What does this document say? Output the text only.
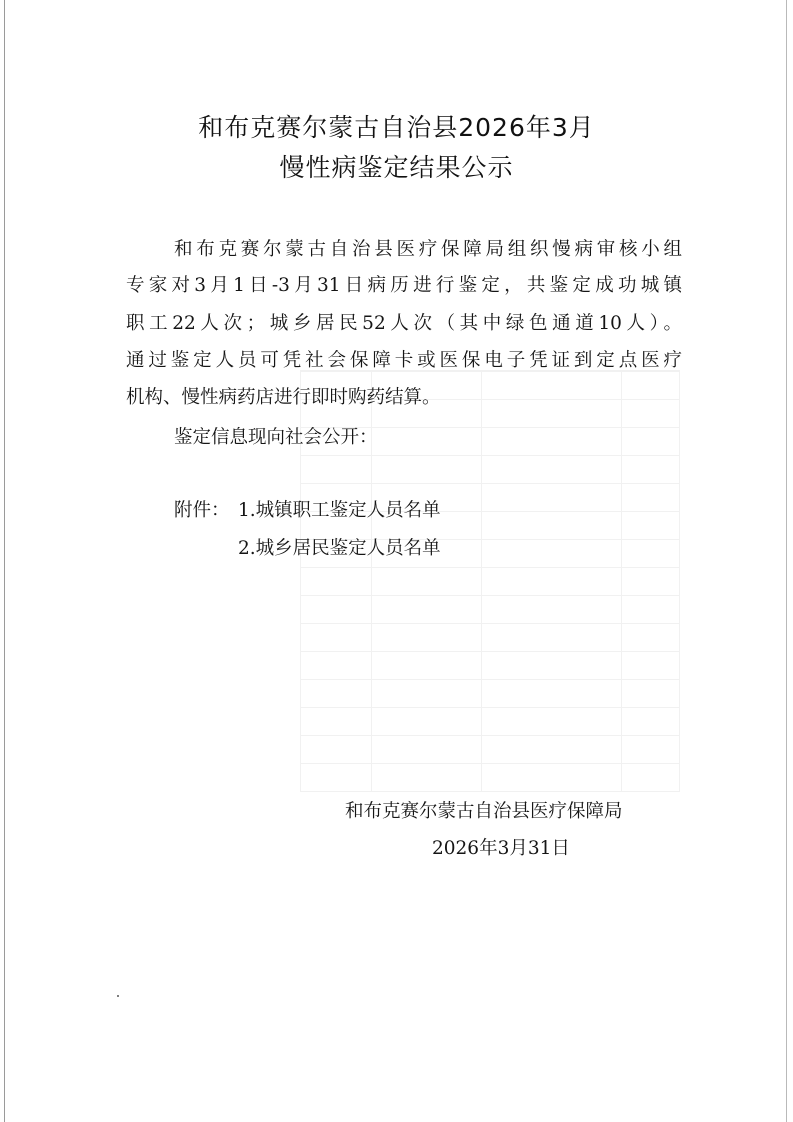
和布克赛尔蒙古自治县2026年3月
慢性病鉴定结果公示
和布克赛尔蒙古自治县医疗保障局组织慢病审核小组
专家对3月1日-3月31日病历进行鉴定，共鉴定成功城镇
职工22人次；城乡居民52人次（其中绿色通道10人）。
通过鉴定人员可凭社会保障卡或医保电子凭证到定点医疗
机构、慢性病药店进行即时购药结算。
鉴定信息现向社会公开：
附件： 1.城镇职工鉴定人员名单
2.城乡居民鉴定人员名单
和布克赛尔蒙古自治县医疗保障局
2026年3月31日
